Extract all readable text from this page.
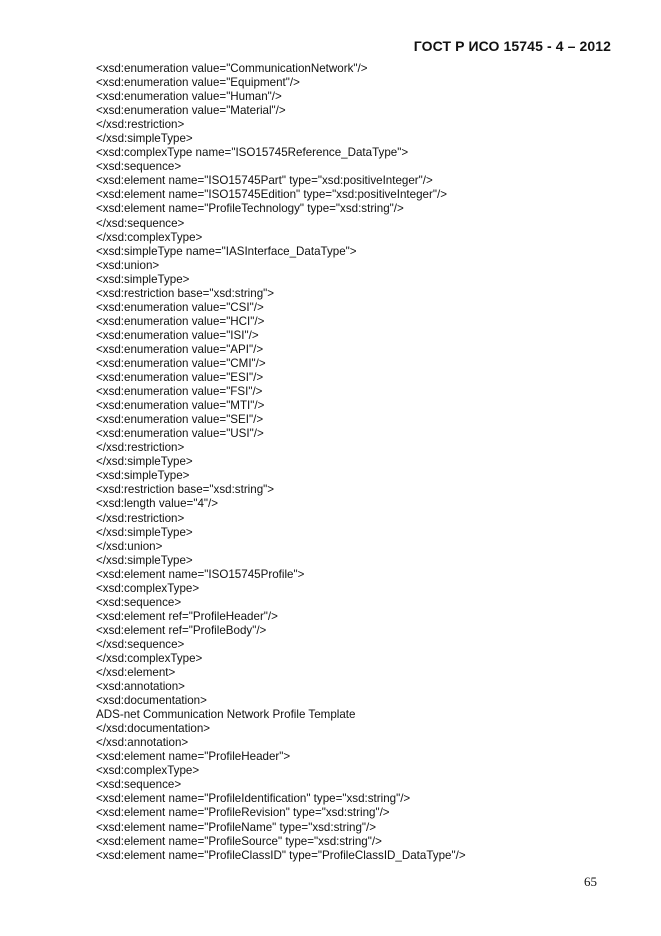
ГОСТ Р ИСО 15745 - 4 – 2012
<xsd:enumeration value="CommunicationNetwork"/>
<xsd:enumeration value="Equipment"/>
<xsd:enumeration value="Human"/>
<xsd:enumeration value="Material"/>
</xsd:restriction>
</xsd:simpleType>
<xsd:complexType name="ISO15745Reference_DataType">
<xsd:sequence>
<xsd:element name="ISO15745Part" type="xsd:positiveInteger"/>
<xsd:element name="ISO15745Edition" type="xsd:positiveInteger"/>
<xsd:element name="ProfileTechnology" type="xsd:string"/>
</xsd:sequence>
</xsd:complexType>
<xsd:simpleType name="IASInterface_DataType">
<xsd:union>
<xsd:simpleType>
<xsd:restriction base="xsd:string">
<xsd:enumeration value="CSI"/>
<xsd:enumeration value="HCI"/>
<xsd:enumeration value="ISI"/>
<xsd:enumeration value="API"/>
<xsd:enumeration value="CMI"/>
<xsd:enumeration value="ESI"/>
<xsd:enumeration value="FSI"/>
<xsd:enumeration value="MTI"/>
<xsd:enumeration value="SEI"/>
<xsd:enumeration value="USI"/>
</xsd:restriction>
</xsd:simpleType>
<xsd:simpleType>
<xsd:restriction base="xsd:string">
<xsd:length value="4"/>
</xsd:restriction>
</xsd:simpleType>
</xsd:union>
</xsd:simpleType>
<xsd:element name="ISO15745Profile">
<xsd:complexType>
<xsd:sequence>
<xsd:element ref="ProfileHeader"/>
<xsd:element ref="ProfileBody"/>
</xsd:sequence>
</xsd:complexType>
</xsd:element>
<xsd:annotation>
<xsd:documentation>
ADS-net Communication Network Profile Template
</xsd:documentation>
</xsd:annotation>
<xsd:element name="ProfileHeader">
<xsd:complexType>
<xsd:sequence>
<xsd:element name="ProfileIdentification" type="xsd:string"/>
<xsd:element name="ProfileRevision" type="xsd:string"/>
<xsd:element name="ProfileName" type="xsd:string"/>
<xsd:element name="ProfileSource" type="xsd:string"/>
<xsd:element name="ProfileClassID" type="ProfileClassID_DataType"/>
65
